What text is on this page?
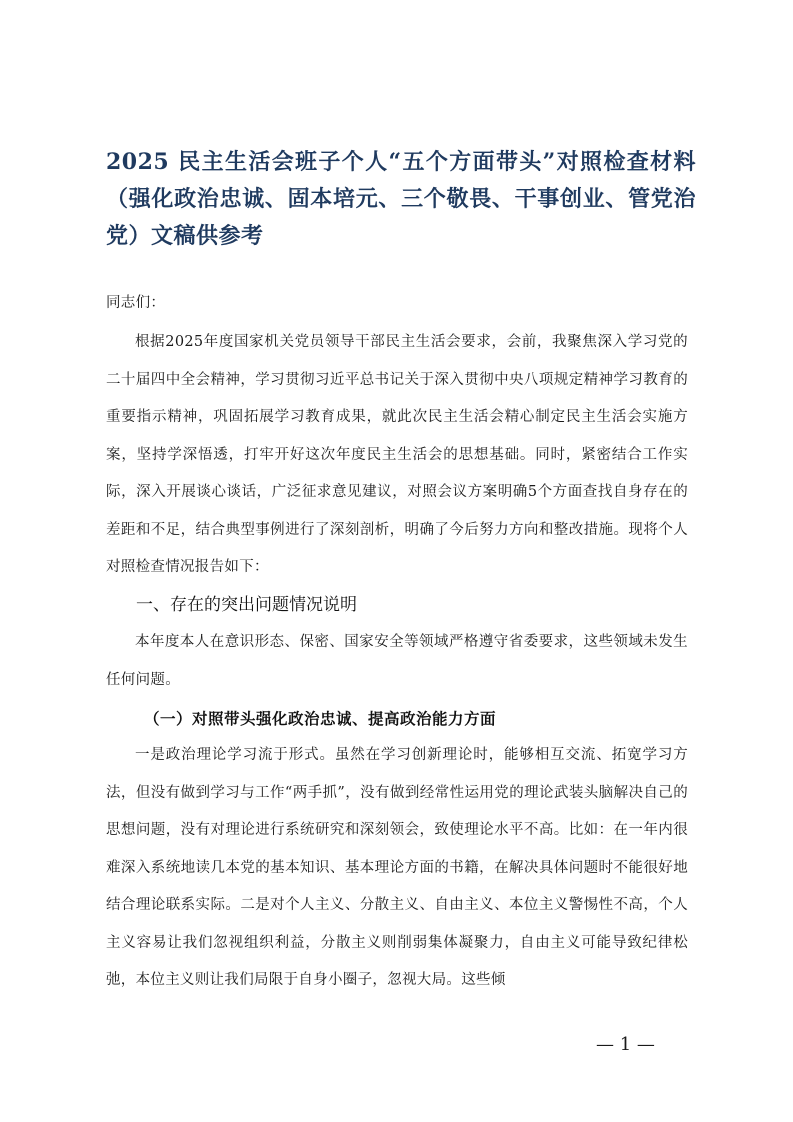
2025 民主生活会班子个人“五个方面带头”对照检查材料（强化政治忠诚、固本培元、三个敬畏、干事创业、管党治党）文稿供参考

同志们：

根据2025年度国家机关党员领导干部民主生活会要求，会前，我聚焦深入学习党的二十届四中全会精神，学习贯彻习近平总书记关于深入贯彻中央八项规定精神学习教育的重要指示精神，巩固拓展学习教育成果，就此次民主生活会精心制定民主生活会实施方案，坚持学深悟透，打牢开好这次年度民主生活会的思想基础。同时，紧密结合工作实际，深入开展谈心谈话，广泛征求意见建议，对照会议方案明确5个方面查找自身存在的差距和不足，结合典型事例进行了深刻剖析，明确了今后努力方向和整改措施。现将个人对照检查情况报告如下：

一、存在的突出问题情况说明

本年度本人在意识形态、保密、国家安全等领域严格遵守省委要求，这些领域未发生任何问题。

（一）对照带头强化政治忠诚、提高政治能力方面

一是政治理论学习流于形式。虽然在学习创新理论时，能够相互交流、拓宽学习方法，但没有做到学习与工作“两手抓”，没有做到经常性运用党的理论武装头脑解决自己的思想问题，没有对理论进行系统研究和深刻领会，致使理论水平不高。比如：在一年内很难深入系统地读几本党的基本知识、基本理论方面的书籍，在解决具体问题时不能很好地结合理论联系实际。二是对个人主义、分散主义、自由主义、本位主义警惕性不高，个人主义容易让我们忽视组织利益，分散主义则削弱集体凝聚力，自由主义可能导致纪律松弛，本位主义则让我们局限于自身小圈子，忽视大局。这些倾

— 1 —
